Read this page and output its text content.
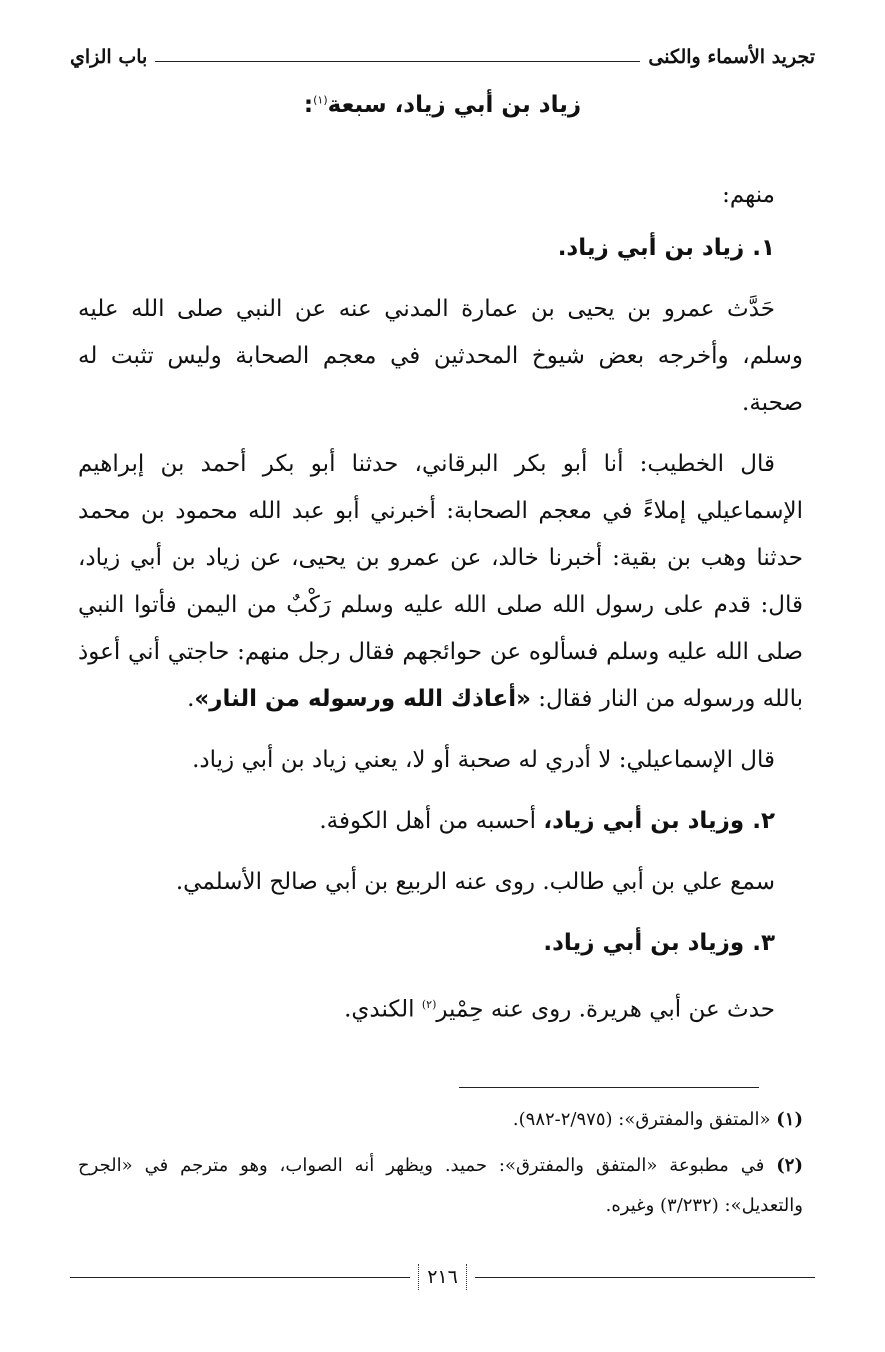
تجريد الأسماء والكنى
باب الزاي
زياد بن أبي زياد، سبعة$^{(١)}$:

منهم:

١. زياد بن أبي زياد.

حَدَّث عمرو بن يحيى بن عمارة المدني عنه عن النبي صلى الله عليه وسلم، وأخرجه بعض شيوخ المحدثين في معجم الصحابة وليس تثبت له صحبة.

قال الخطيب: أنا أبو بكر البرقاني، حدثنا أبو بكر أحمد بن إبراهيم الإسماعيلي إملاءً في معجم الصحابة: أخبرني أبو عبد الله محمود بن محمد حدثنا وهب بن بقية: أخبرنا خالد، عن عمرو بن يحيى، عن زياد بن أبي زياد، قال: قدم على رسول الله صلى الله عليه وسلم رَكْبٌ من اليمن فأتوا النبي صلى الله عليه وسلم فسألوه عن حوائجهم فقال رجل منهم: حاجتي أني أعوذ بالله ورسوله من النار فقال: «أعاذك الله ورسوله من النار».

قال الإسماعيلي: لا أدري له صحبة أو لا، يعني زياد بن أبي زياد.

٢. وزياد بن أبي زياد، أحسبه من أهل الكوفة.

سمع علي بن أبي طالب. روى عنه الربيع بن أبي صالح الأسلمي.

٣. وزياد بن أبي زياد.

حدث عن أبي هريرة. روى عنه حِمْير$^{(٢)}$ الكندي.

(١) «المتفق والمفترق»: (٢/٩٧٥-٩٨٢).

(٢) في مطبوعة «المتفق والمفترق»: حميد. ويظهر أنه الصواب، وهو مترجم في «الجرح والتعديل»: (٣/٢٣٢) وغيره.

٢١٦
